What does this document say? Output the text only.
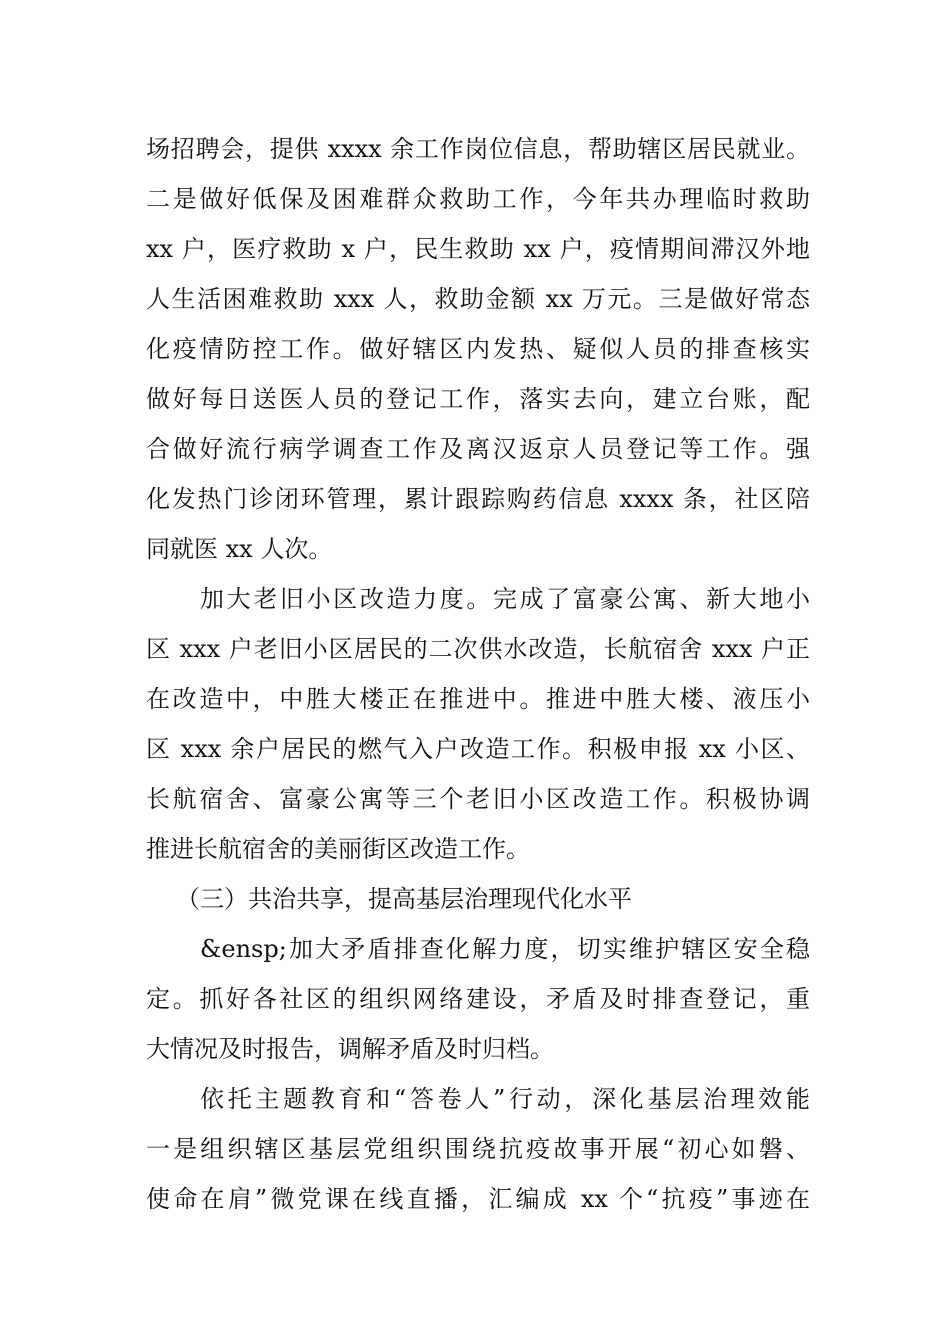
场招聘会，提供 xxxx 余工作岗位信息，帮助辖区居民就业。
二是做好低保及困难群众救助工作，今年共办理临时救助
xx 户，医疗救助 x 户，民生救助 xx 户，疫情期间滞汉外地
人生活困难救助 xxx 人，救助金额 xx 万元。三是做好常态
化疫情防控工作。做好辖区内发热、疑似人员的排查核实
做好每日送医人员的登记工作，落实去向，建立台账，配
合做好流行病学调查工作及离汉返京人员登记等工作。强
化发热门诊闭环管理，累计跟踪购药信息 xxxx 条，社区陪
同就医 xx 人次。
加大老旧小区改造力度。完成了富豪公寓、新大地小
区 xxx 户老旧小区居民的二次供水改造，长航宿舍 xxx 户正
在改造中，中胜大楼正在推进中。推进中胜大楼、液压小
区 xxx 余户居民的燃气入户改造工作。积极申报 xx 小区、
长航宿舍、富豪公寓等三个老旧小区改造工作。积极协调
推进长航宿舍的美丽街区改造工作。
（三）共治共享，提高基层治理现代化水平
&ensp;加大矛盾排查化解力度，切实维护辖区安全稳
定。抓好各社区的组织网络建设，矛盾及时排查登记，重
大情况及时报告，调解矛盾及时归档。
依托主题教育和“答卷人”行动，深化基层治理效能
一是组织辖区基层党组织围绕抗疫故事开展“初心如磐、
使命在肩”微党课在线直播，汇编成 xx 个“抗疫”事迹在
